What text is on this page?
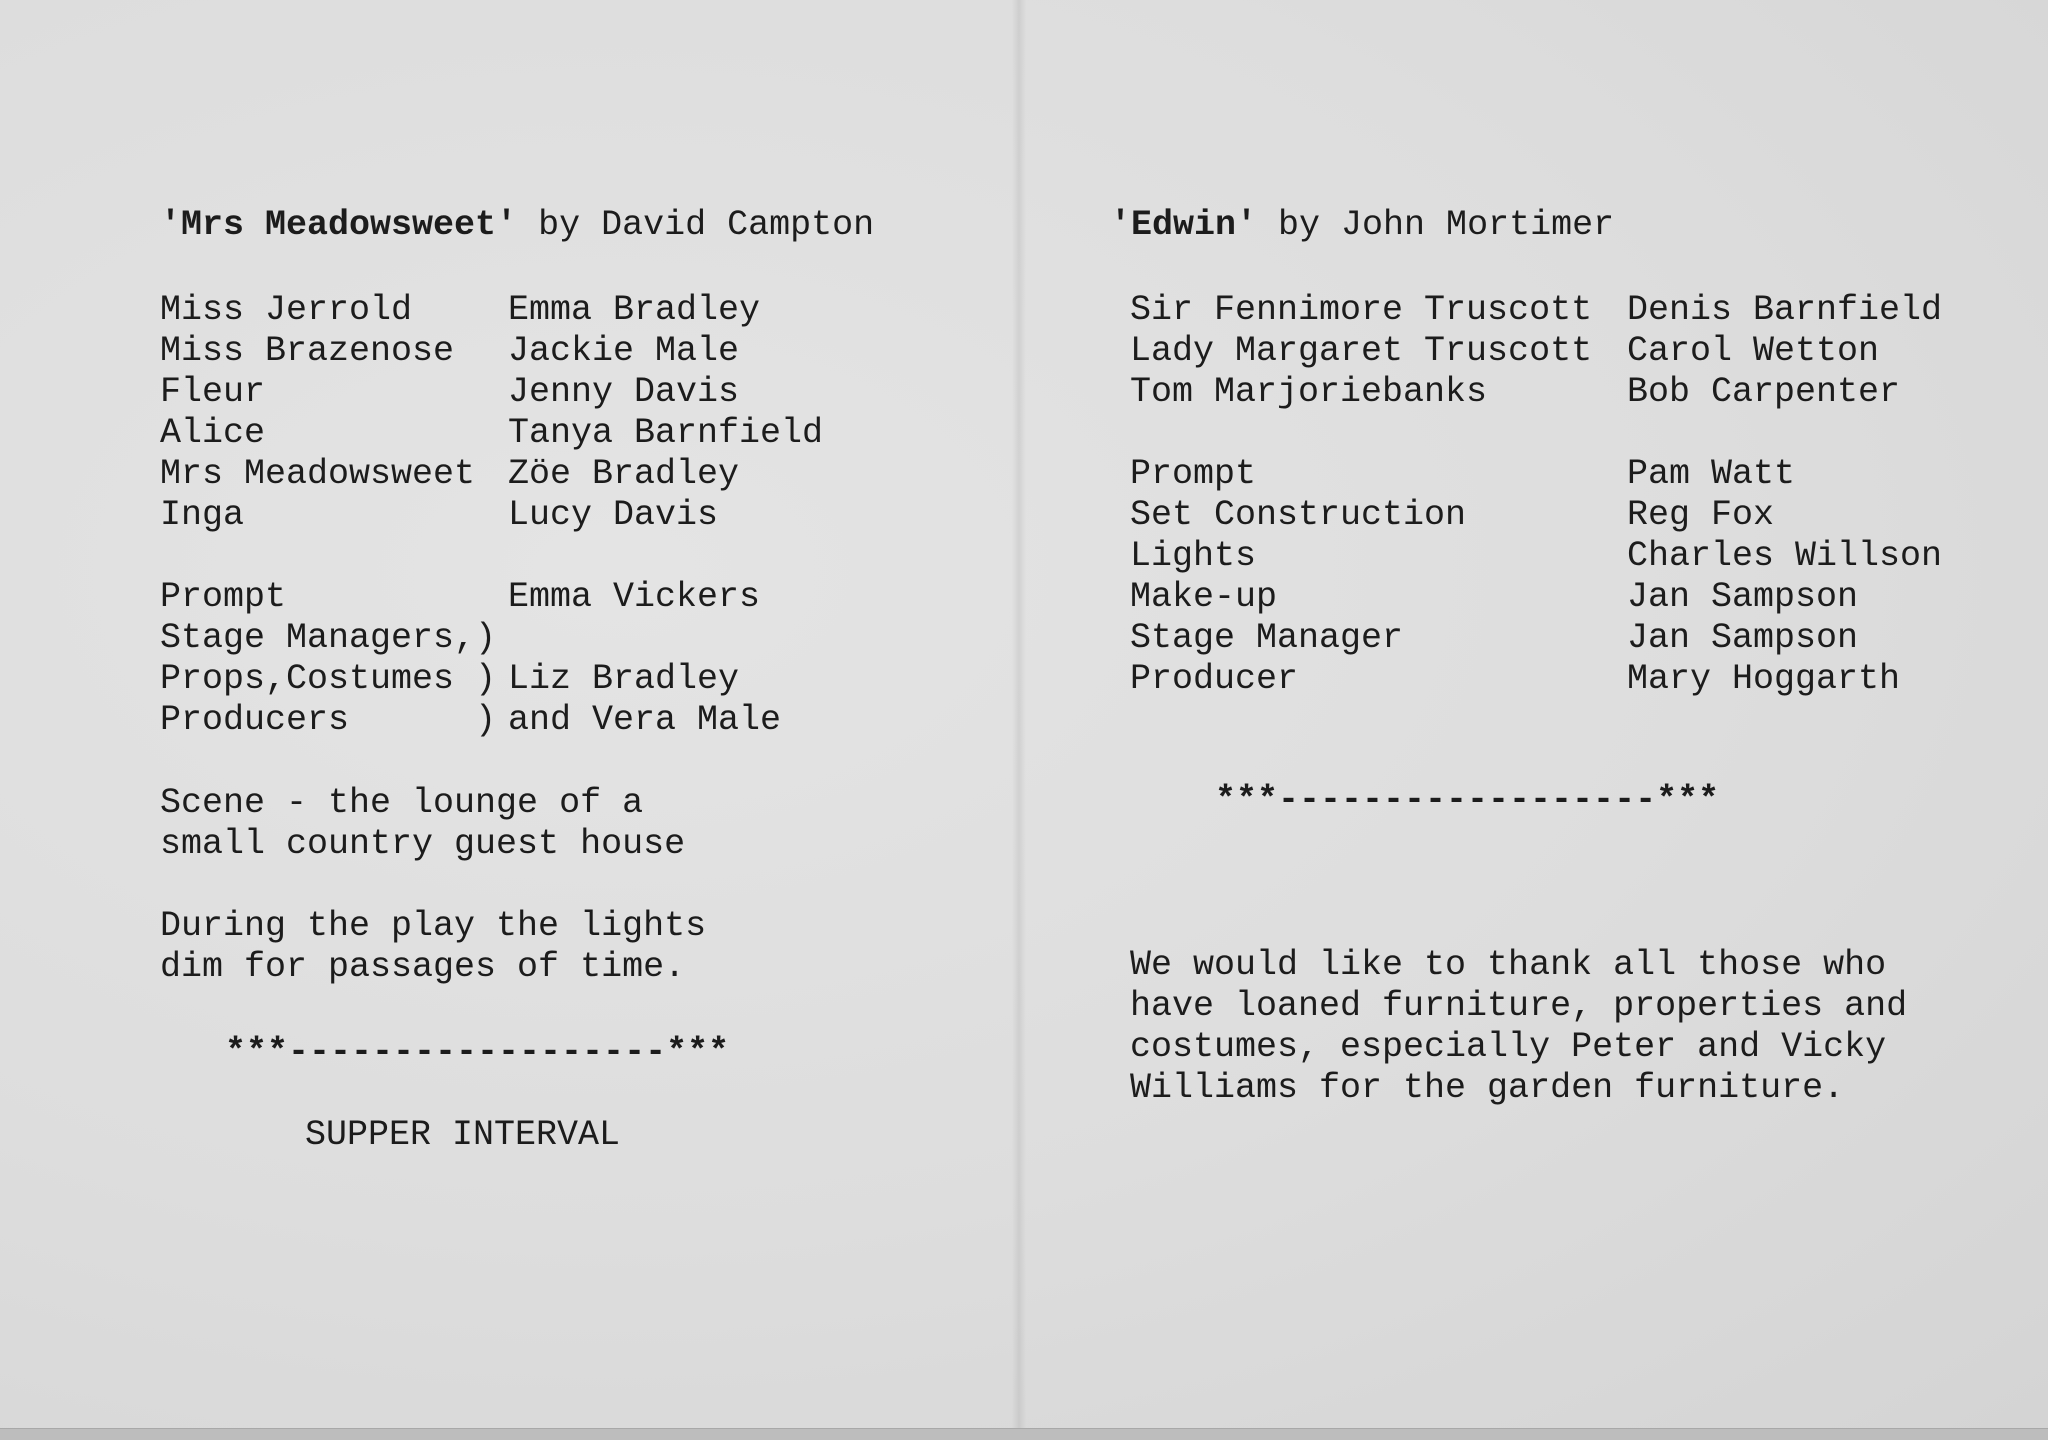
'Mrs Meadowsweet' by David Campton
Miss Jerrold	Emma Bradley
Miss Brazenose Jackie Male
Fleur	Jenny Davis
Alice	Tanya Barnfield
Mrs Meadowsweet Zöe Bradley
Inga	Lucy Davis
Prompt	Emma Vickers
Stage Managers, )
Props,Costumes ) Liz Bradley
Producers	) and Vera Male
Scene - the lounge of a
small country guest house
During the play the lights
dim for passages of time.
***------------------***
SUPPER INTERVAL
'Edwin' by John Mortimer
Sir Fennimore Truscott Denis Barnfield
Lady Margaret Truscott Carol Wetton
Tom Marjoriebanks	Bob Carpenter
Prompt	Pam Watt
Set Construction	Reg Fox
Lights	Charles Willson
Make-up	Jan Sampson
Stage Manager	Jan Sampson
Producer	Mary Hoggarth
***------------------***
We would like to thank all those who
have loaned furniture, properties and
costumes, especially Peter and Vicky
Williams for the garden furniture.
